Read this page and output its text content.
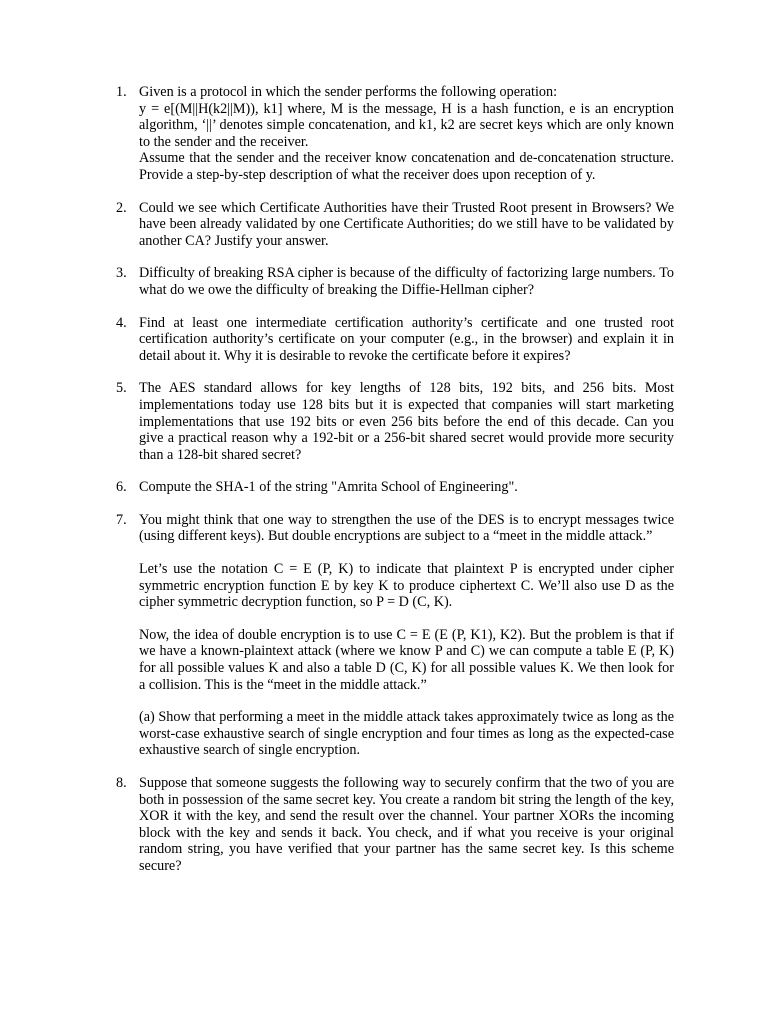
1. Given is a protocol in which the sender performs the following operation:

y = e[(M||H(k2||M)), k1] where, M is the message, H is a hash function, e is an encryption algorithm, ‘||’ denotes simple concatenation, and k1, k2 are secret keys which are only known to the sender and the receiver.

Assume that the sender and the receiver know concatenation and de-concatenation structure. Provide a step-by-step description of what the receiver does upon reception of y.

2. Could we see which Certificate Authorities have their Trusted Root present in Browsers? We have been already validated by one Certificate Authorities; do we still have to be validated by another CA? Justify your answer.

3. Difficulty of breaking RSA cipher is because of the difficulty of factorizing large numbers. To what do we owe the difficulty of breaking the Diffie-Hellman cipher?

4. Find at least one intermediate certification authority’s certificate and one trusted root certification authority’s certificate on your computer (e.g., in the browser) and explain it in detail about it. Why it is desirable to revoke the certificate before it expires?

5. The AES standard allows for key lengths of 128 bits, 192 bits, and 256 bits. Most implementations today use 128 bits but it is expected that companies will start marketing implementations that use 192 bits or even 256 bits before the end of this decade. Can you give a practical reason why a 192-bit or a 256-bit shared secret would provide more security than a 128-bit shared secret?

6. Compute the SHA-1 of the string "Amrita School of Engineering".

7. You might think that one way to strengthen the use of the DES is to encrypt messages twice (using different keys). But double encryptions are subject to a “meet in the middle attack.”

Let’s use the notation C = E (P, K) to indicate that plaintext P is encrypted under cipher symmetric encryption function E by key K to produce ciphertext C. We’ll also use D as the cipher symmetric decryption function, so P = D (C, K).

Now, the idea of double encryption is to use C = E (E (P, K1), K2). But the problem is that if we have a known-plaintext attack (where we know P and C) we can compute a table E (P, K) for all possible values K and also a table D (C, K) for all possible values K. We then look for a collision. This is the “meet in the middle attack.”

(a) Show that performing a meet in the middle attack takes approximately twice as long as the worst-case exhaustive search of single encryption and four times as long as the expected-case exhaustive search of single encryption.

8. Suppose that someone suggests the following way to securely confirm that the two of you are both in possession of the same secret key. You create a random bit string the length of the key, XOR it with the key, and send the result over the channel. Your partner XORs the incoming block with the key and sends it back. You check, and if what you receive is your original random string, you have verified that your partner has the same secret key. Is this scheme secure?
